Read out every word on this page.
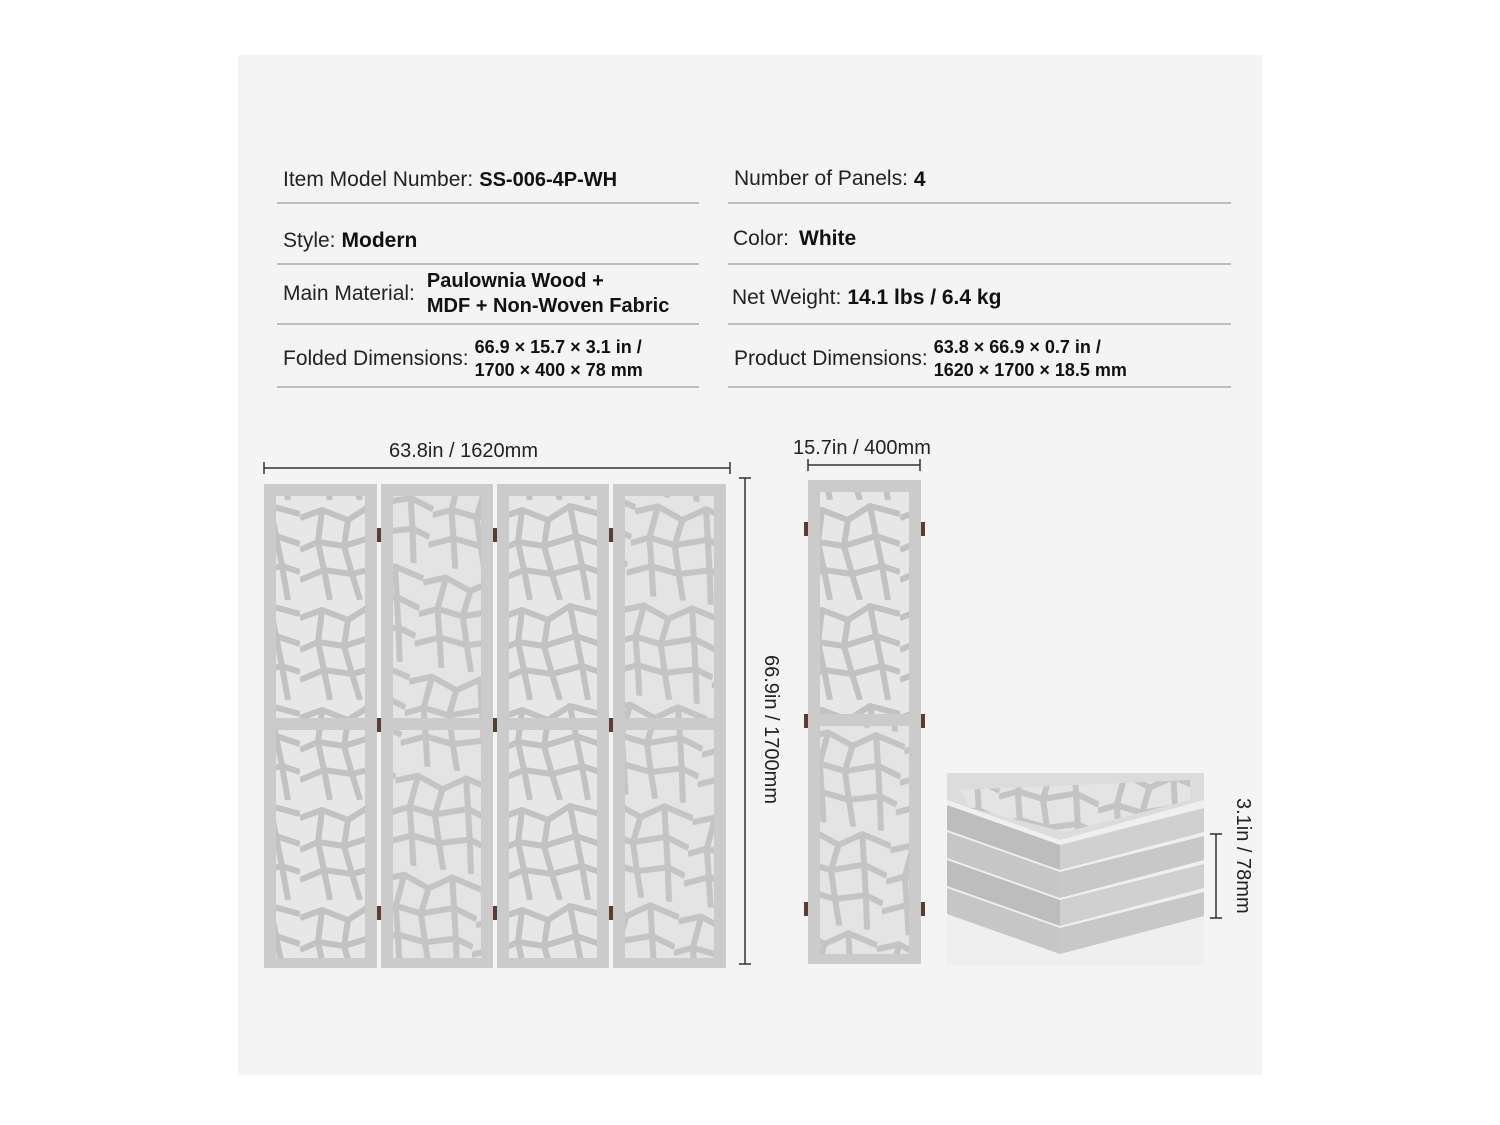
Item Model Number: SS-006-4P-WH
Style: Modern
Main Material:
Paulownia Wood +
MDF + Non-Woven Fabric
Folded Dimensions: 66.9 × 15.7 × 3.1 in /
1700 × 400 × 78 mm
Number of Panels: 4
Color: White
Net Weight: 14.1 lbs / 6.4 kg
Product Dimensions: 63.8 × 66.9 × 0.7 in /
1620 × 1700 × 18.5 mm
63.8in / 1620mm	15.7in / 400mm
66.9in / 1700mm
3.1in / 78mm
